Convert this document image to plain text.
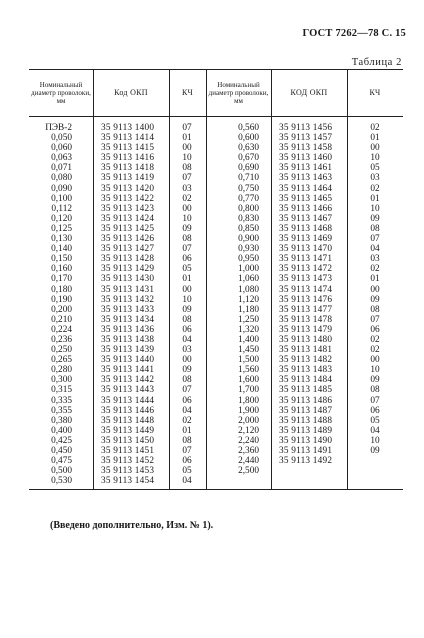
ГОСТ 7262—78 С. 15
Таблица 2
Номинальный диаметр проволоки, мм
Код ОКП	КЧ
Номинальный диаметр проволоки, мм
КОД ОКП	КЧ
ПЭВ-2
0,050
0,060
0,063
0,071
0,080
0,090
0,100
0,112
0,120
0,125
0,130
0,140
0,150
0,160
0,170
0,180
0,190
0,200
0,210
0,224
0,236
0,250
0,265
0,280
0,300
0,315
0,335
0,355
0,380
0,400
0,425
0,450
0,475
0,500
0,530
35 9113 1400
35 9113 1414
35 9113 1415
35 9113 1416
35 9113 1418
35 9113 1419
35 9113 1420
35 9113 1422
35 9113 1423
35 9113 1424
35 9113 1425
35 9113 1426
35 9113 1427
35 9113 1428
35 9113 1429
35 9113 1430
35 9113 1431
35 9113 1432
35 9113 1433
35 9113 1434
35 9113 1436
35 9113 1438
35 9113 1439
35 9113 1440
35 9113 1441
35 9113 1442
35 9113 1443
35 9113 1444
35 9113 1446
35 9113 1448
35 9113 1449
35 9113 1450
35 9113 1451
35 9113 1452
35 9113 1453
35 9113 1454
07
01
00
10
08
07
03
02
00
10
09
08
07
06
05
01
00
10
09
08
06
04
03
00
09
08
07
06
04
02
01
08
07
06
05
04
0,560
0,600
0,630
0,670
0,690
0,710
0,750
0,770
0,800
0,830
0,850
0,900
0,930
0,950
1,000
1,060
1,080
1,120
1,180
1,250
1,320
1,400
1,450
1,500
1,560
1,600
1,700
1,800
1,900
2,000
2,120
2,240
2,360
2,440
2,500
35 9113 1456
35 9113 1457
35 9113 1458
35 9113 1460
35 9113 1461
35 9113 1463
35 9113 1464
35 9113 1465
35 9113 1466
35 9113 1467
35 9113 1468
35 9113 1469
35 9113 1470
35 9113 1471
35 9113 1472
35 9113 1473
35 9113 1474
35 9113 1476
35 9113 1477
35 9113 1478
35 9113 1479
35 9113 1480
35 9113 1481
35 9113 1482
35 9113 1483
35 9113 1484
35 9113 1485
35 9113 1486
35 9113 1487
35 9113 1488
35 9113 1489
35 9113 1490
35 9113 1491
35 9113 1492
02
01
00
10
05
03
02
01
10
09
08
07
04
03
02
01
00
09
08
07
06
02
02
00
10
09
08
07
06
05
04
10
09
(Введено дополнительно, Изм. № 1).
